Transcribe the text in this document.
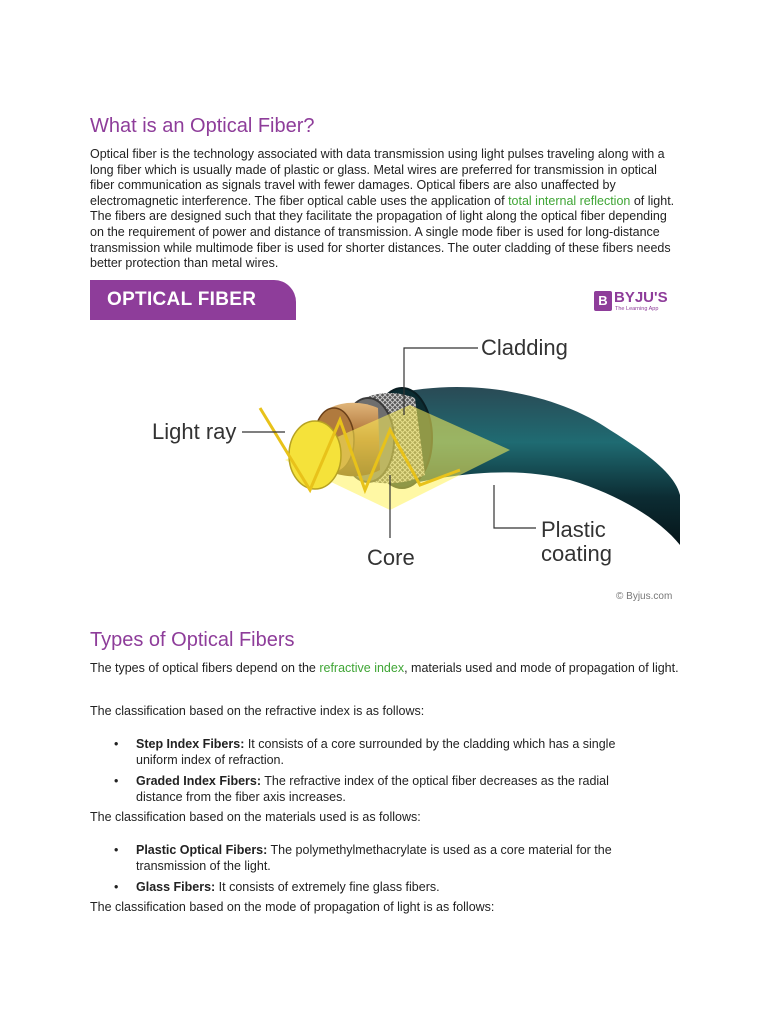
What is an Optical Fiber?

Optical fiber is the technology associated with data transmission using light pulses traveling along with a long fiber which is usually made of plastic or glass. Metal wires are preferred for transmission in optical fiber communication as signals travel with fewer damages. Optical fibers are also unaffected by electromagnetic interference. The fiber optical cable uses the application of total internal reflection of light. The fibers are designed such that they facilitate the propagation of light along the optical fiber depending on the requirement of power and distance of transmission. A single mode fiber is used for long-distance transmission while multimode fiber is used for shorter distances. The outer cladding of these fibers needs better protection than metal wires.

OPTICAL FIBER	B BYJU'S
The Learning App
Cladding
Light ray
Core
Plastic
coating
© Byjus.com
Types of Optical Fibers

The types of optical fibers depend on the refractive index, materials used and mode of propagation of light.

The classification based on the refractive index is as follows:

• Step Index Fibers: It consists of a core surrounded by the cladding which has a single uniform index of refraction.
• Graded Index Fibers: The refractive index of the optical fiber decreases as the radial distance from the fiber axis increases.

The classification based on the materials used is as follows:

• Plastic Optical Fibers: The polymethylmethacrylate is used as a core material for the transmission of the light.
• Glass Fibers: It consists of extremely fine glass fibers.

The classification based on the mode of propagation of light is as follows:
